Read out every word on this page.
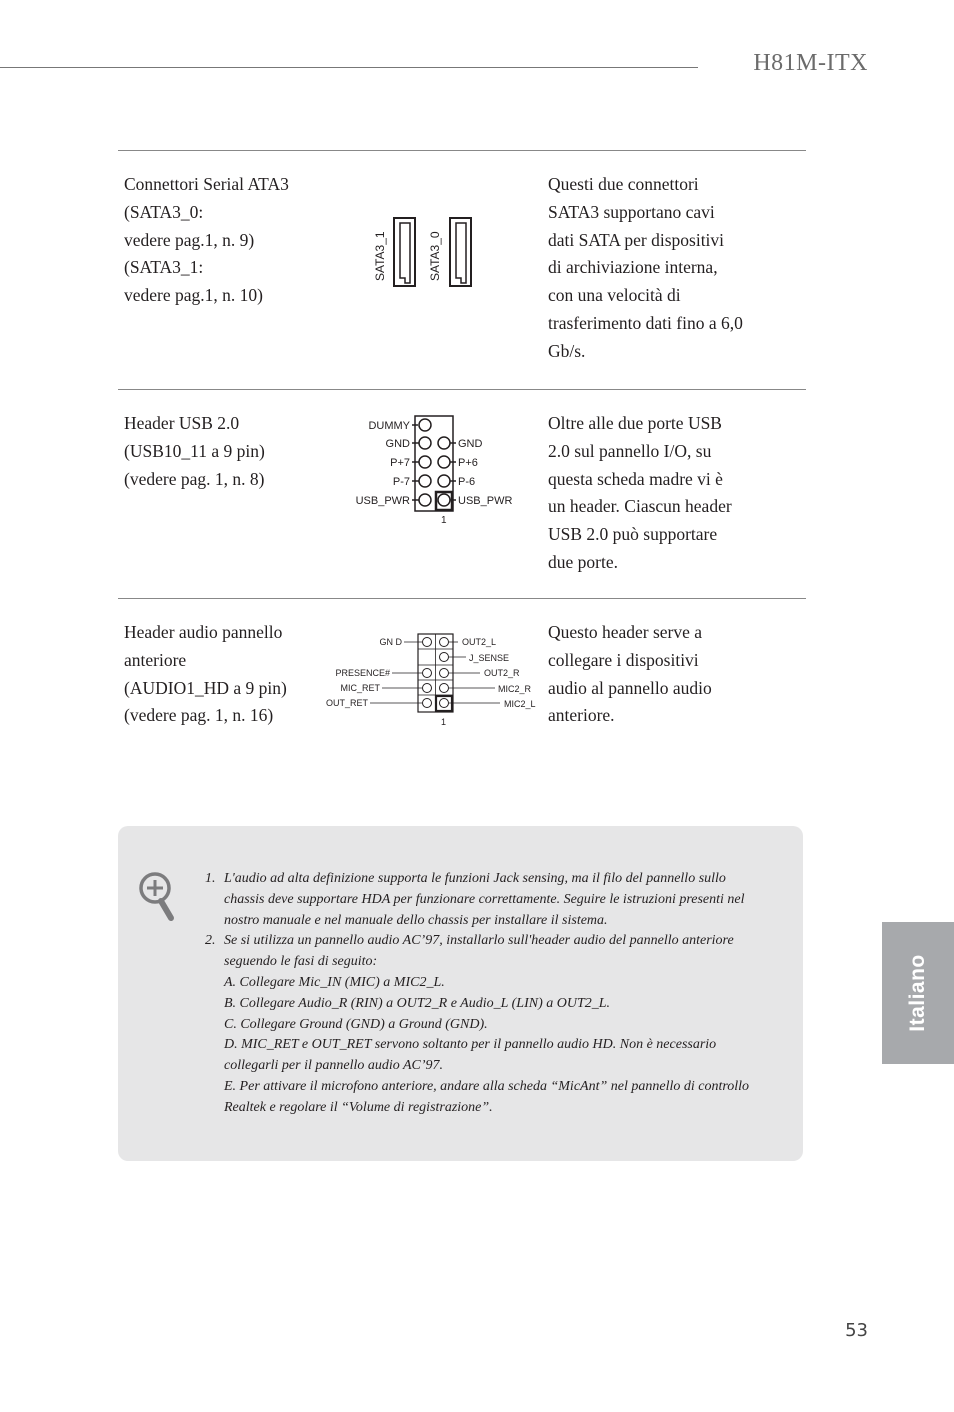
H81M-ITX
Connettori Serial ATA3
(SATA3_0:
vedere pag.1, n. 9)
(SATA3_1:
vedere pag.1, n. 10)
SATA3_1	SATA3_0
Questi due connettori
SATA3 supportano cavi
dati SATA per dispositivi
di archiviazione interna,
con una velocità di
trasferimento dati fino a 6,0
Gb/s.
Header USB 2.0
(USB10_11 a 9 pin)
(vedere pag. 1, n. 8)
DUMMY
GND
P+7
P-7
USB_PWR
GND
P+6
P-6
USB_PWR
1
Oltre alle due porte USB
2.0 sul pannello I/O, su
questa scheda madre vi è
un header. Ciascun header
USB 2.0 può supportare
due porte.
Header audio pannello
anteriore
(AUDIO1_HD a 9 pin)
(vedere pag. 1, n. 16)
GN D
PRESENCE#
MIC_RET
OUT_RET
OUT2_L
J_SENSE
OUT2_R
MIC2_R
MIC2_L
1
Questo header serve a
collegare i dispositivi
audio al pannello audio
anteriore.
1. L'audio ad alta definizione supporta le funzioni Jack sensing, ma il filo del pannello sullo chassis deve supportare HDA per funzionare correttamente. Seguire le istruzioni presenti nel nostro manuale e nel manuale dello chassis per installare il sistema.
2. Se si utilizza un pannello audio AC’97, installarlo sull'header audio del pannello anteriore seguendo le fasi di seguito:
A. Collegare Mic_IN (MIC) a MIC2_L.
B. Collegare Audio_R (RIN) a OUT2_R e Audio_L (LIN) a OUT2_L.
C. Collegare Ground (GND) a Ground (GND).
D. MIC_RET e OUT_RET servono soltanto per il pannello audio HD. Non è necessario collegarli per il pannello audio AC’97.
E. Per attivare il microfono anteriore, andare alla scheda “MicAnt” nel pannello di controllo Realtek e regolare il “Volume di registrazione”.
Italiano
53
